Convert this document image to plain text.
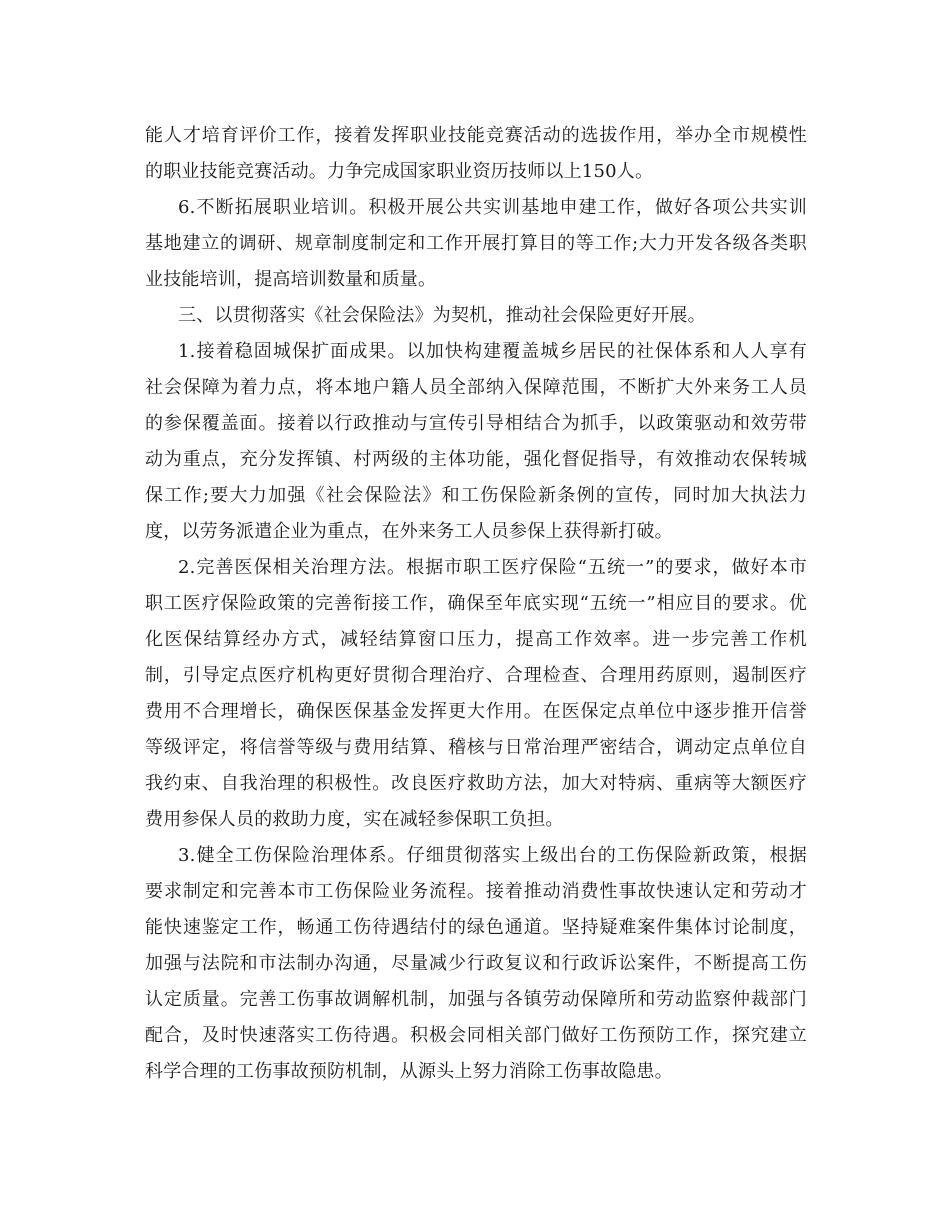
能人才培育评价工作，接着发挥职业技能竞赛活动的选拔作用，举办全市规模性
的职业技能竞赛活动。力争完成国家职业资历技师以上150人。
6.不断拓展职业培训。积极开展公共实训基地申建工作，做好各项公共实训
基地建立的调研、规章制度制定和工作开展打算目的等工作;大力开发各级各类职
业技能培训，提高培训数量和质量。
三、以贯彻落实《社会保险法》为契机，推动社会保险更好开展。
1.接着稳固城保扩面成果。以加快构建覆盖城乡居民的社保体系和人人享有
社会保障为着力点，将本地户籍人员全部纳入保障范围，不断扩大外来务工人员
的参保覆盖面。接着以行政推动与宣传引导相结合为抓手，以政策驱动和效劳带
动为重点，充分发挥镇、村两级的主体功能，强化督促指导，有效推动农保转城
保工作;要大力加强《社会保险法》和工伤保险新条例的宣传，同时加大执法力
度，以劳务派遣企业为重点，在外来务工人员参保上获得新打破。
2.完善医保相关治理方法。根据市职工医疗保险“五统一”的要求，做好本市
职工医疗保险政策的完善衔接工作，确保至年底实现“五统一”相应目的要求。优
化医保结算经办方式，减轻结算窗口压力，提高工作效率。进一步完善工作机
制，引导定点医疗机构更好贯彻合理治疗、合理检查、合理用药原则，遏制医疗
费用不合理增长，确保医保基金发挥更大作用。在医保定点单位中逐步推开信誉
等级评定，将信誉等级与费用结算、稽核与日常治理严密结合，调动定点单位自
我约束、自我治理的积极性。改良医疗救助方法，加大对特病、重病等大额医疗
费用参保人员的救助力度，实在减轻参保职工负担。
3.健全工伤保险治理体系。仔细贯彻落实上级出台的工伤保险新政策，根据
要求制定和完善本市工伤保险业务流程。接着推动消费性事故快速认定和劳动才
能快速鉴定工作，畅通工伤待遇结付的绿色通道。坚持疑难案件集体讨论制度，
加强与法院和市法制办沟通，尽量减少行政复议和行政诉讼案件，不断提高工伤
认定质量。完善工伤事故调解机制，加强与各镇劳动保障所和劳动监察仲裁部门
配合，及时快速落实工伤待遇。积极会同相关部门做好工伤预防工作，探究建立
科学合理的工伤事故预防机制，从源头上努力消除工伤事故隐患。
